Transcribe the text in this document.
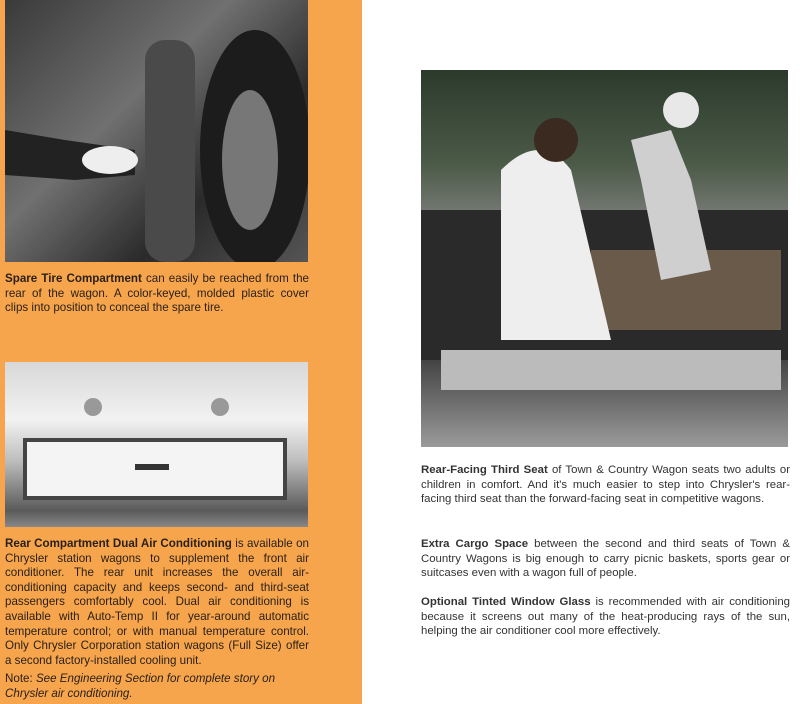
Spare Tire Compartment can easily be reached from the rear of the wagon. A color-keyed, molded plastic cover clips into position to conceal the spare tire.
Rear Compartment Dual Air Conditioning is available on Chrysler station wagons to supplement the front air conditioner. The rear unit increases the overall air-conditioning capacity and keeps second- and third-seat passengers comfortably cool. Dual air conditioning is available with Auto-Temp II for year-around automatic temperature control; or with manual temperature control. Only Chrysler Corporation station wagons (Full Size) offer a second factory-installed cooling unit.
Note: See Engineering Section for complete story on Chrysler air conditioning.
Rear-Facing Third Seat of Town & Country Wagon seats two adults or children in comfort. And it's much easier to step into Chrysler's rear-facing third seat than the forward-facing seat in competitive wagons.
Extra Cargo Space between the second and third seats of Town & Country Wagons is big enough to carry picnic baskets, sports gear or suitcases even with a wagon full of people.
Optional Tinted Window Glass is recommended with air conditioning because it screens out many of the heat-producing rays of the sun, helping the air conditioner cool more effectively.
